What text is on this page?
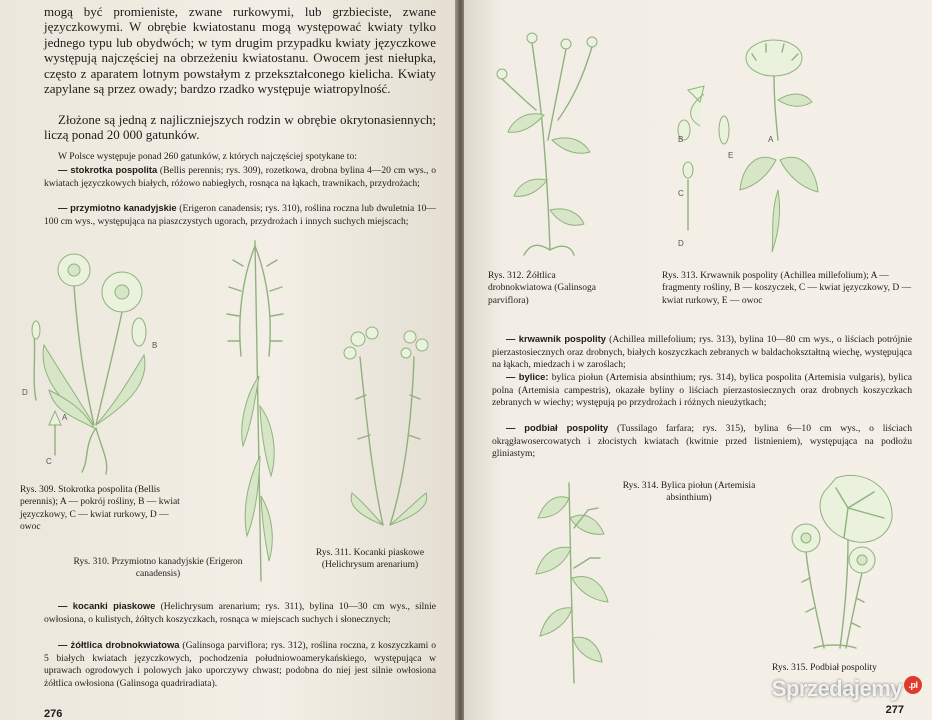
mogą być promieniste, zwane rurkowymi, lub grzbieciste, zwane języczkowymi. W obrębie kwiatostanu mogą występować kwiaty tylko jednego typu lub obydwóch; w tym drugim przypadku kwiaty języczkowe występują najczęściej na obrzeżeniu kwiatostanu. Owocem jest niełupka, często z aparatem lotnym powstałym z przekształconego kielicha. Kwiaty zapylane są przez owady; bardzo rzadko występuje wiatropylność.

Złożone są jedną z najliczniejszych rodzin w obrębie okrytonasiennych; liczą ponad 20 000 gatunków.

W Polsce występuje ponad 260 gatunków, z których najczęściej spotykane to:

— stokrotka pospolita (Bellis perennis; rys. 309), rozetkowa, drobna bylina 4—20 cm wys., o kwiatach języczkowych białych, różowo nabiegłych, rosnąca na łąkach, trawnikach, przydrożach;

— przymiotno kanadyjskie (Erigeron canadensis; rys. 310), roślina roczna lub dwuletnia 10—100 cm wys., występująca na piaszczystych ugorach, przydrożach i innych suchych miejscach;

A
B
D
C

Rys. 309. Stokrotka pospolita (Bellis perennis); A — pokrój rośliny, B — kwiat języczkowy, C — kwiat rurkowy, D — owoc

Rys. 310. Przymiotno kanadyjskie (Erigeron canadensis)

Rys. 311. Kocanki piaskowe (Helichrysum arenarium)

— kocanki piaskowe (Helichrysum arenarium; rys. 311), bylina 10—30 cm wys., silnie owłosiona, o kulistych, żółtych koszyczkach, rosnąca w miejscach suchych i słonecznych;

— żółtlica drobnokwiatowa (Galinsoga parviflora; rys. 312), roślina roczna, z koszyczkami o 5 białych kwiatach języczkowych, pochodzenia południowoamerykańskiego, występująca w uprawach ogrodowych i polowych jako uporczywy chwast; podobna do niej jest silnie owłosiona żółtlica owłosiona (Galinsoga quadriradiata).

276
B
C
D
E
A

Rys. 312. Żółtlica drobnokwiatowa (Galinsoga parviflora)

Rys. 313. Krwawnik pospolity (Achillea millefolium); A — fragmenty rośliny, B — koszyczek, C — kwiat języczkowy, D — kwiat rurkowy, E — owoc

— krwawnik pospolity (Achillea millefolium; rys. 313), bylina 10—80 cm wys., o liściach potrójnie pierzastosiecznych oraz drobnych, białych koszyczkach zebranych w baldachokształtną wiechę, występująca na łąkach, miedzach i w zaroślach;

— bylice: bylica piołun (Artemisia absinthium; rys. 314), bylica pospolita (Artemisia vulgaris), bylica polna (Artemisia campestris), okazałe byliny o liściach pierzastosiecznych oraz drobnych koszyczkach zebranych w wiechy; występują po przydrożach i różnych nieużytkach;

— podbiał pospolity (Tussilago farfara; rys. 315), bylina 6—10 cm wys., o liściach okrągławosercowatych i złocistych kwiatach (kwitnie przed listnieniem), występująca na podłożu gliniastym;

Rys. 314. Bylica piołun (Artemisia absinthium)

Rys. 315. Podbiał pospolity

277
Sprzedajemy .pl
